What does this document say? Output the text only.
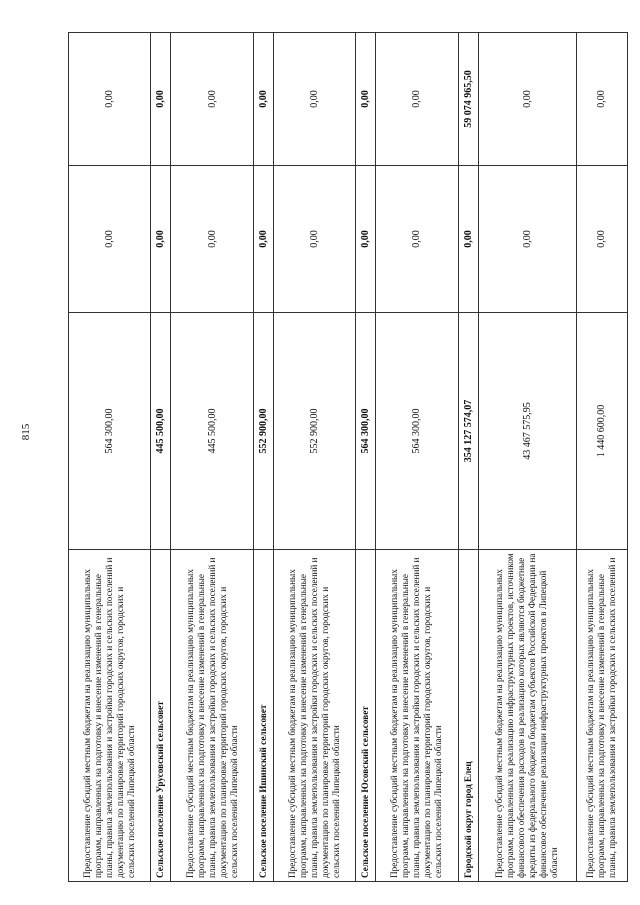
815
Предоставление субсидий местным бюджетам на реализацию муниципальных программ, направленных на подготовку и внесение изменений в генеральные планы, правила землепользования и застройки городских и сельских поселений и документацию по планировке территорий городских округов, городских и сельских поселений Липецкой области	564 300,00	0,00	0,00
Сельское поселение Урусовский сельсовет	445 500,00	0,00	0,00
Предоставление субсидий местным бюджетам на реализацию муниципальных программ, направленных на подготовку и внесение изменений в генеральные планы, правила землепользования и застройки городских и сельских поселений и документацию по планировке территорий городских округов, городских и сельских поселений Липецкой области	445 500,00	0,00	0,00
Сельское поселение Ишинский сельсовет	552 900,00	0,00	0,00
Предоставление субсидий местным бюджетам на реализацию муниципальных программ, направленных на подготовку и внесение изменений в генеральные планы, правила землепользования и застройки городских и сельских поселений и документацию по планировке территорий городских округов, городских и сельских поселений Липецкой области	552 900,00	0,00	0,00
Сельское поселение Юсовский сельсовет	564 300,00	0,00	0,00
Предоставление субсидий местным бюджетам на реализацию муниципальных программ, направленных на подготовку и внесение изменений в генеральные планы, правила землепользования и застройки городских и сельских поселений и документацию по планировке территорий городских округов, городских и сельских поселений Липецкой области	564 300,00	0,00	0,00
Городской округ город Елец	354 127 574,07	0,00	59 074 965,50
Предоставление субсидий местным бюджетам на реализацию муниципальных программ, направленных на реализацию инфраструктурных проектов, источником финансового обеспечения расходов на реализацию которых являются бюджетные кредиты из федерального бюджета бюджетам субъектов Российской Федерации на финансовое обеспечение реализации инфраструктурных проектов в Липецкой области	43 467 575,95	0,00	0,00
Предоставление субсидий местным бюджетам на реализацию муниципальных программ, направленных на подготовку и внесение изменений в генеральные планы, правила землепользования и застройки городских и сельских поселений и	1 440 600,00	0,00	0,00
